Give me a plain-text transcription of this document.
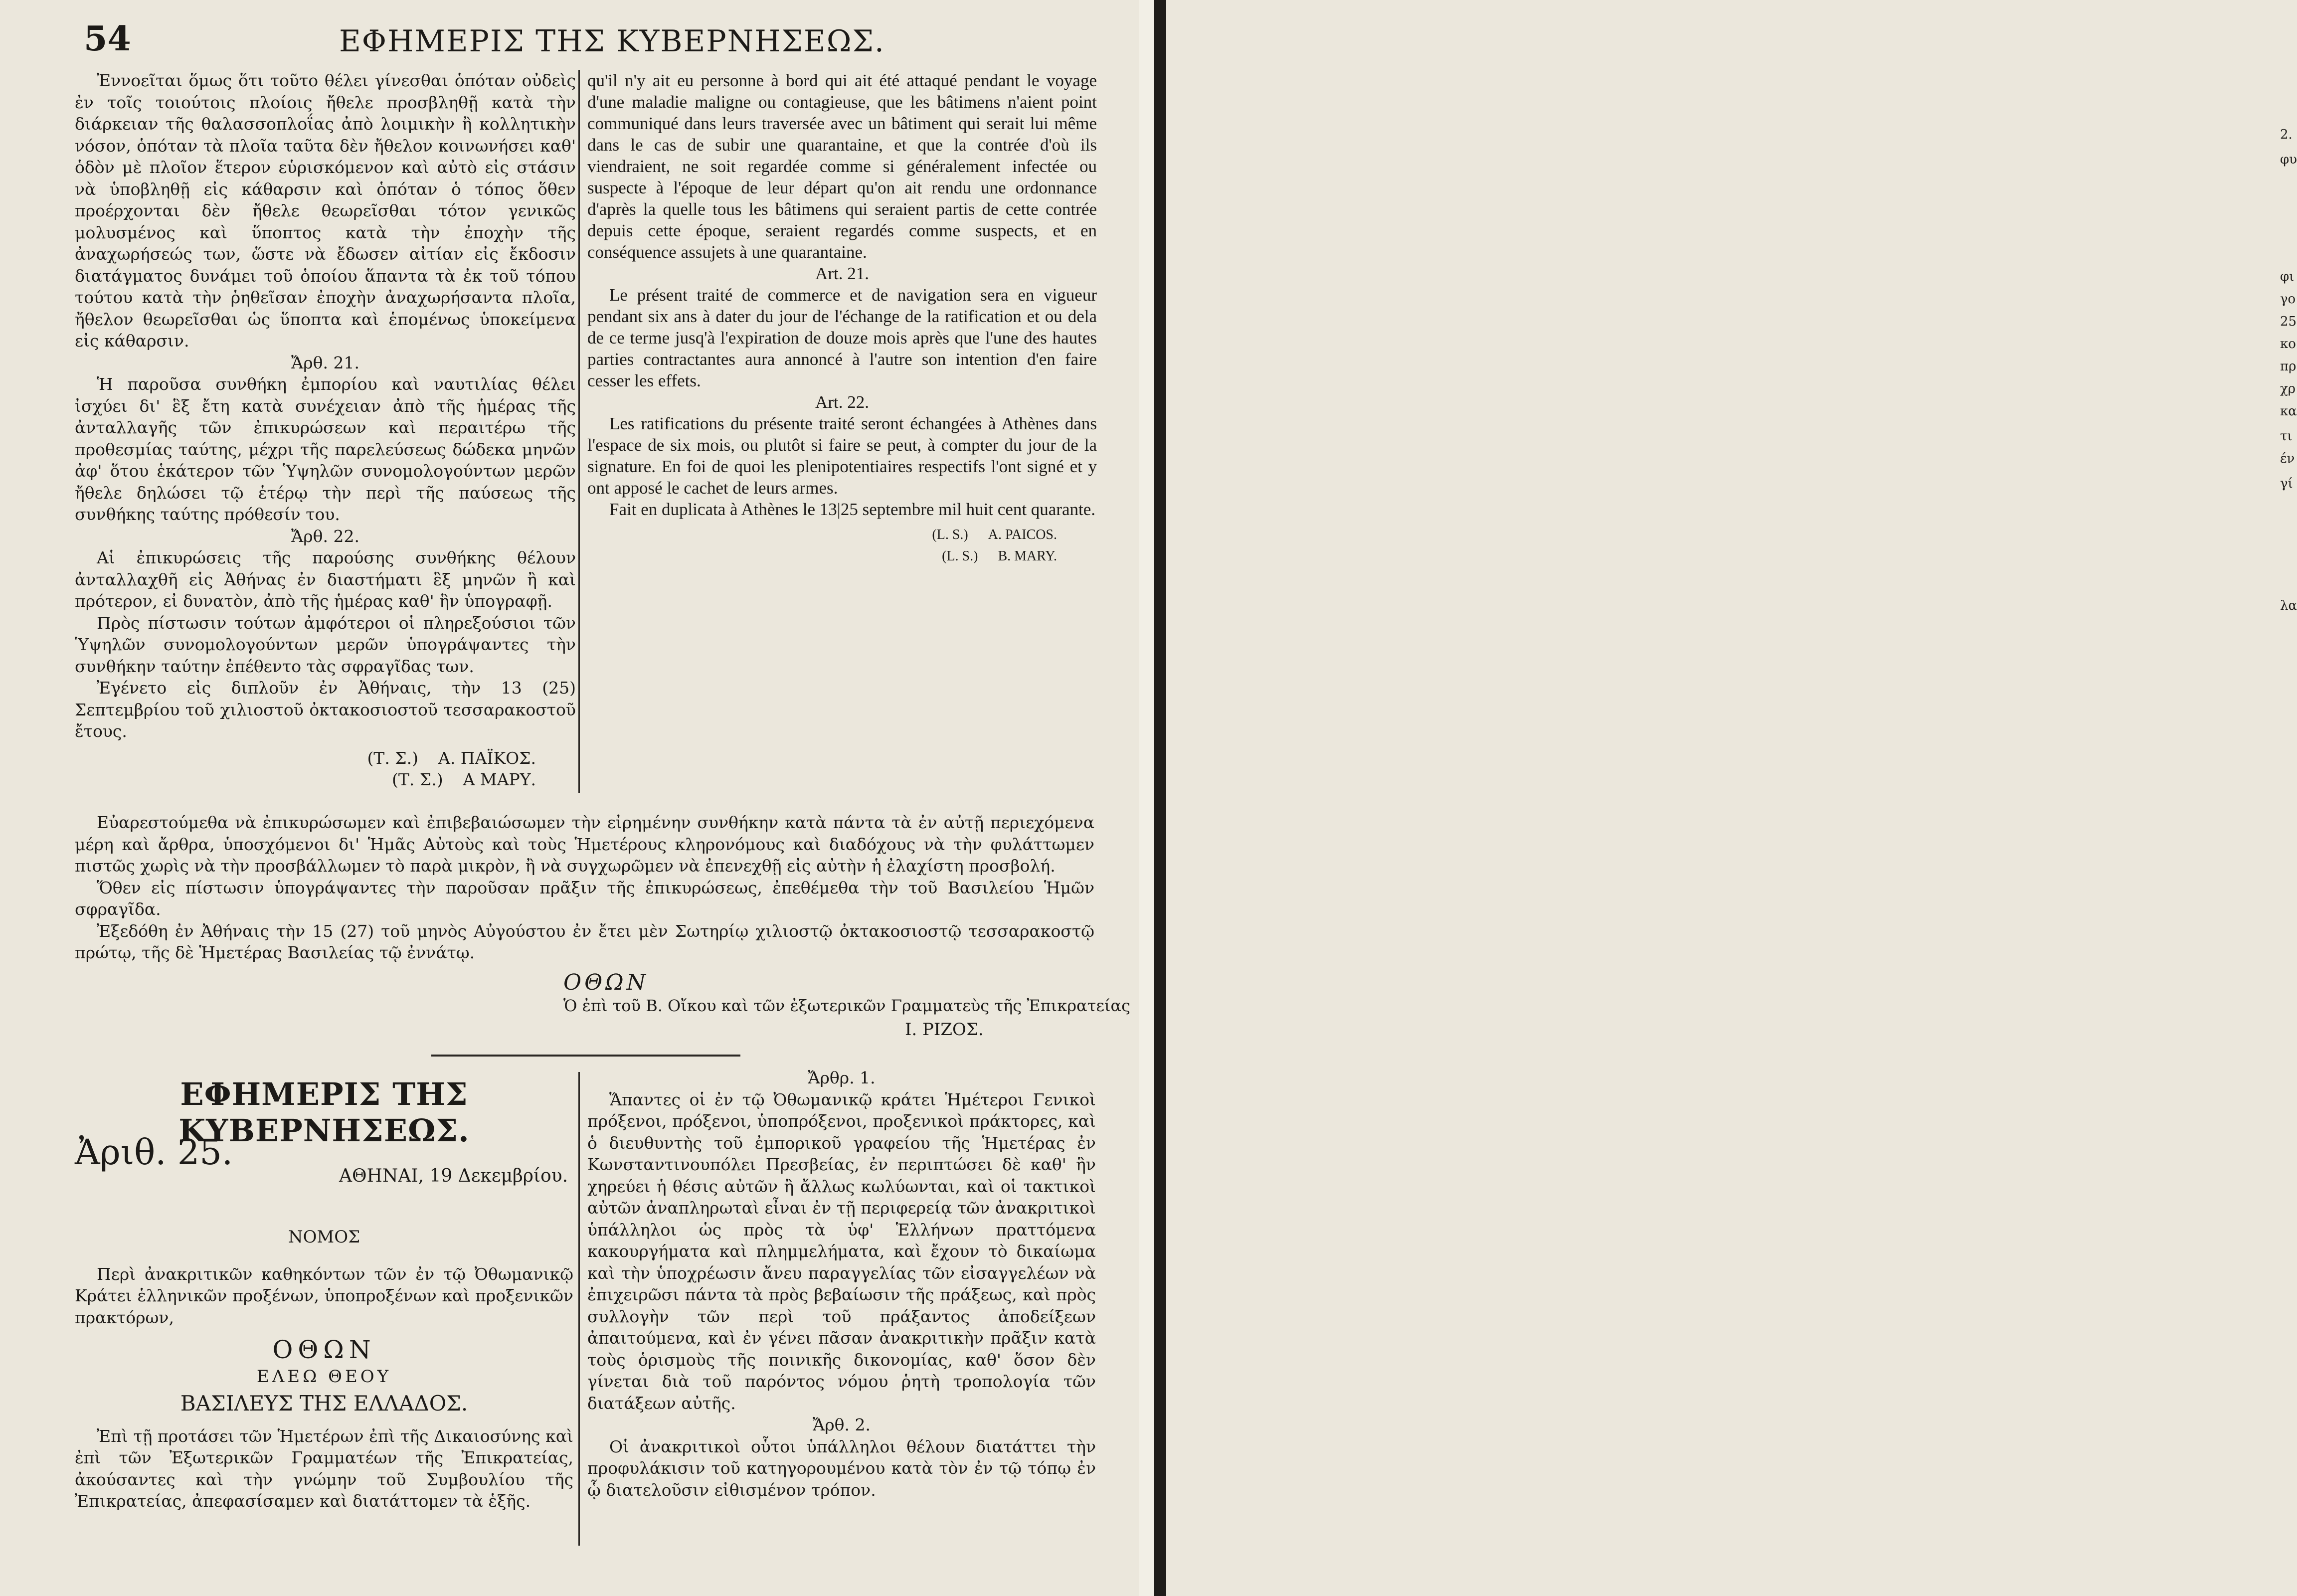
54	ΕΦΗΜΕΡΙΣ ΤΗΣ ΚΥΒΕΡΝΗΣΕΩΣ.

Ἐννοεῖται ὅμως ὅτι τοῦτο θέλει γίνεσθαι ὁπόταν οὐδεὶς ἐν τοῖς τοιούτοις πλοίοις ἤθελε προσβληθῇ κατὰ τὴν διάρκειαν τῆς θαλασσοπλοΐας ἀπὸ λοιμικὴν ἢ κολλητικὴν νόσον, ὁπόταν τὰ πλοῖα ταῦτα δὲν ἤθελον κοινωνήσει καθ' ὁδὸν μὲ πλοῖον ἕτερον εὑρισκόμενον καὶ αὐτὸ εἰς στάσιν νὰ ὑποβληθῇ εἰς κάθαρσιν καὶ ὁπόταν ὁ τόπος ὅθεν προέρχονται δὲν ἤθελε θεωρεῖσθαι τότον γενικῶς μολυσμένος καὶ ὕποπτος κατὰ τὴν ἐποχὴν τῆς ἀναχωρήσεώς των, ὥστε νὰ ἔδωσεν αἰτίαν εἰς ἔκδοσιν διατάγματος δυνάμει τοῦ ὁποίου ἅπαντα τὰ ἐκ τοῦ τόπου τούτου κατὰ τὴν ῥηθεῖσαν ἐποχὴν ἀναχωρήσαντα πλοῖα, ἤθελον θεωρεῖσθαι ὡς ὕποπτα καὶ ἑπομένως ὑποκείμενα εἰς κάθαρσιν.

Ἄρθ. 21.

Ἡ παροῦσα συνθήκη ἐμπορίου καὶ ναυτιλίας θέλει ἰσχύει δι' ἓξ ἔτη κατὰ συνέχειαν ἀπὸ τῆς ἡμέρας τῆς ἀνταλλαγῆς τῶν ἐπικυρώσεων καὶ περαιτέρω τῆς προθεσμίας ταύτης, μέχρι τῆς παρελεύσεως δώδεκα μηνῶν ἀφ' ὅτου ἑκάτερον τῶν Ὑψηλῶν συνομολογούντων μερῶν ἤθελε δηλώσει τῷ ἑτέρῳ τὴν περὶ τῆς παύσεως τῆς συνθήκης ταύτης πρόθεσίν του.

Ἄρθ. 22.

Αἱ ἐπικυρώσεις τῆς παρούσης συνθήκης θέλουν ἀνταλλαχθῆ εἰς Ἀθήνας ἐν διαστήματι ἓξ μηνῶν ἢ καὶ πρότερον, εἰ δυνατὸν, ἀπὸ τῆς ἡμέρας καθ' ἣν ὑπογραφῇ.

Πρὸς πίστωσιν τούτων ἀμφότεροι οἱ πληρεξούσιοι τῶν Ὑψηλῶν συνομολογούντων μερῶν ὑπογράψαντες τὴν συνθήκην ταύτην ἐπέθεντο τὰς σφραγῖδας των.

Ἐγένετο εἰς διπλοῦν ἐν Ἀθήναις, τὴν 13 (25) Σεπτεμβρίου τοῦ χιλιοστοῦ ὀκτακοσιοστοῦ τεσσαρακοστοῦ ἔτους.

(Τ. Σ.) Α. ΠΑΪΚΟΣ.
(Τ. Σ.) Α ΜΑΡΥ.

qu'il n'y ait eu personne à bord qui ait été attaqué pendant le voyage d'une maladie maligne ou contagieuse, que les bâtimens n'aient point communiqué dans leurs traversée avec un bâtiment qui serait lui même dans le cas de subir une quarantaine, et que la contrée d'où ils viendraient, ne soit regardée comme si généralement infectée ou suspecte à l'époque de leur départ qu'on ait rendu une ordonnance d'après la quelle tous les bâtimens qui seraient partis de cette contrée depuis cette époque, seraient regardés comme suspects, et en conséquence assujets à une quarantaine.

Art. 21.

Le présent traité de commerce et de navigation sera en vigueur pendant six ans à dater du jour de l'échange de la ratification et ou dela de ce terme jusq'à l'expiration de douze mois après que l'une des hautes parties contractantes aura annoncé à l'autre son intention d'en faire cesser les effets.

Art. 22.

Les ratifications du présente traité seront échangées à Athènes dans l'espace de six mois, ou plutôt si faire se peut, à compter du jour de la signature. En foi de quoi les plenipotentiaires respectifs l'ont signé et y ont apposé le cachet de leurs armes.

Fait en duplicata à Athènes le 13|25 septembre mil huit cent quarante.

(L. S.) A. PAICOS.
(L. S.) B. MARY.

Εὐαρεστούμεθα νὰ ἐπικυρώσωμεν καὶ ἐπιβεβαιώσωμεν τὴν εἰρημένην συνθήκην κατὰ πάντα τὰ ἐν αὐτῇ περιεχόμενα μέρη καὶ ἄρθρα, ὑποσχόμενοι δι' Ἡμᾶς Αὐτοὺς καὶ τοὺς Ἡμετέρους κληρονόμους καὶ διαδόχους νὰ τὴν φυλάττωμεν πιστῶς χωρὶς νὰ τὴν προσβάλλωμεν τὸ παρὰ μικρὸν, ἢ νὰ συγχωρῶμεν νὰ ἐπενεχθῇ εἰς αὐτὴν ἡ ἐλαχίστη προσβολή.

Ὅθεν εἰς πίστωσιν ὑπογράψαντες τὴν παροῦσαν πρᾶξιν τῆς ἐπικυρώσεως, ἐπεθέμεθα τὴν τοῦ Βασιλείου Ἡμῶν σφραγῖδα.

Ἐξεδόθη ἐν Ἀθήναις τὴν 15 (27) τοῦ μηνὸς Αὐγούστου ἐν ἔτει μὲν Σωτηρίῳ χιλιοστῷ ὀκτακοσιοστῷ τεσσαρακοστῷ πρώτῳ, τῆς δὲ Ἡμετέρας Βασιλείας τῷ ἐννάτῳ.

ΟΘΩΝ
Ὁ ἐπὶ τοῦ Β. Οἴκου καὶ τῶν ἐξωτερικῶν Γραμματεὺς τῆς Ἐπικρατείας
Ι. ΡΙΖΟΣ.
ΕΦΗΜΕΡΙΣ ΤΗΣ ΚΥΒΕΡΝΗΣΕΩΣ.
Ἀριθ. 25.
ΑΘΗΝΑΙ, 19 Δεκεμβρίου.

ΝΟΜΟΣ

Περὶ ἀνακριτικῶν καθηκόντων τῶν ἐν τῷ Ὀθωμανικῷ Κράτει ἑλληνικῶν προξένων, ὑποπροξένων καὶ προξενικῶν πρακτόρων,

ΟΘΩΝ

ΕΛΕΩ ΘΕΟΥ

ΒΑΣΙΛΕΥΣ ΤΗΣ ΕΛΛΑΔΟΣ.

Ἐπὶ τῇ προτάσει τῶν Ἡμετέρων ἐπὶ τῆς Δικαιοσύνης καὶ ἐπὶ τῶν Ἐξωτερικῶν Γραμματέων τῆς Ἐπικρατείας, ἀκούσαντες καὶ τὴν γνώμην τοῦ Συμβουλίου τῆς Ἐπικρατείας, ἀπεφασίσαμεν καὶ διατάττομεν τὰ ἑξῆς.

Ἄρθρ. 1.

Ἅπαντες οἱ ἐν τῷ Ὀθωμανικῷ κράτει Ἡμέτεροι Γενικοὶ πρόξενοι, πρόξενοι, ὑποπρόξενοι, προξενικοὶ πράκτορες, καὶ ὁ διευθυντὴς τοῦ ἐμπορικοῦ γραφείου τῆς Ἡμετέρας ἐν Κωνσταντινουπόλει Πρεσβείας, ἐν περιπτώσει δὲ καθ' ἣν χηρεύει ἡ θέσις αὐτῶν ἢ ἄλλως κωλύωνται, καὶ οἱ τακτικοὶ αὐτῶν ἀναπληρωταὶ εἶναι ἐν τῇ περιφερείᾳ τῶν ἀνακριτικοὶ ὑπάλληλοι ὡς πρὸς τὰ ὑφ' Ἑλλήνων πραττόμενα κακουργήματα καὶ πλημμελήματα, καὶ ἔχουν τὸ δικαίωμα καὶ τὴν ὑποχρέωσιν ἄνευ παραγγελίας τῶν εἰσαγγελέων νὰ ἐπιχειρῶσι πάντα τὰ πρὸς βεβαίωσιν τῆς πράξεως, καὶ πρὸς συλλογὴν τῶν περὶ τοῦ πράξαντος ἀποδείξεων ἀπαιτούμενα, καὶ ἐν γένει πᾶσαν ἀνακριτικὴν πρᾶξιν κατὰ τοὺς ὁρισμοὺς τῆς ποινικῆς δικονομίας, καθ' ὅσον δὲν γίνεται διὰ τοῦ παρόντος νόμου ῥητὴ τροπολογία τῶν διατάξεων αὐτῆς.

Ἄρθ. 2.

Οἱ ἀνακριτικοὶ οὗτοι ὑπάλληλοι θέλουν διατάττει τὴν προφυλάκισιν τοῦ κατηγορουμένου κατὰ τὸν ἐν τῷ τόπῳ ἐν ᾧ διατελοῦσιν εἰθισμένον τρόπον.

2.
φυ
φι
γο
25
κο
πρ
χρ
κα
τι
έν
γί
λα
